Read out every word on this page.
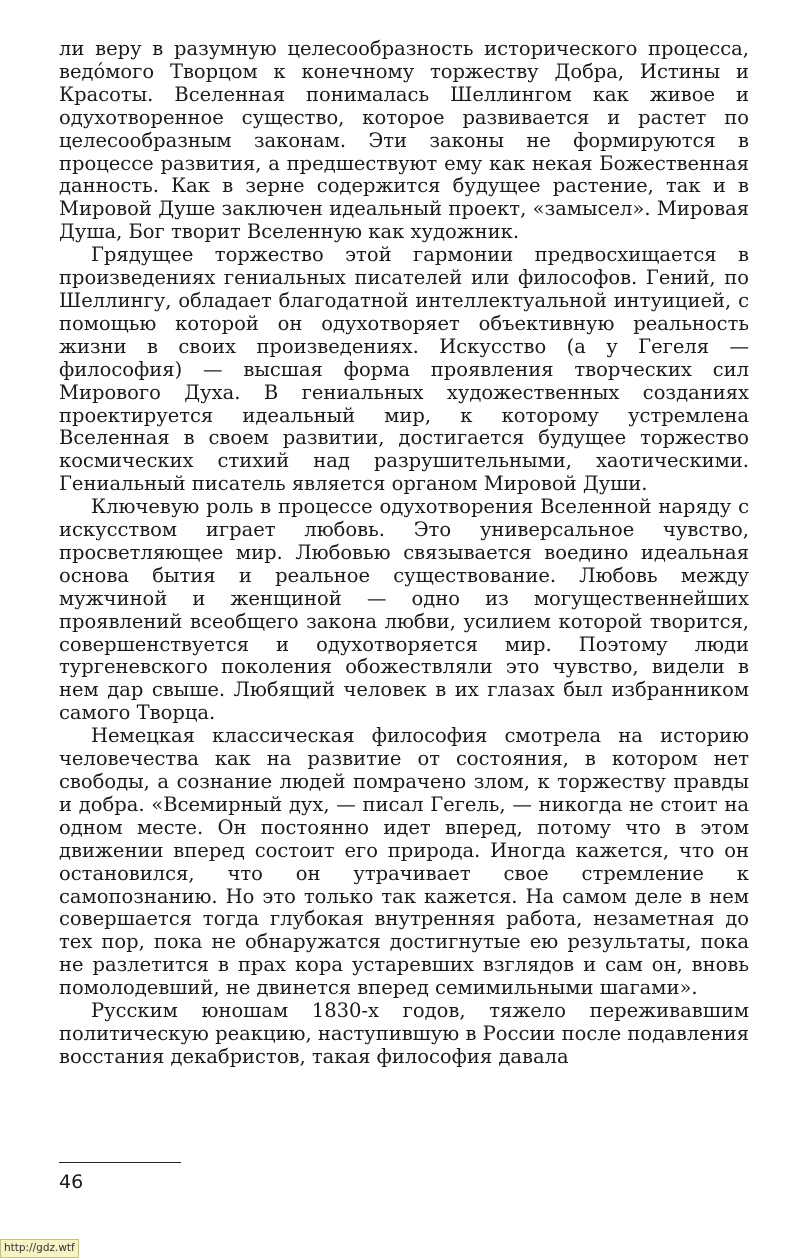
ли веру в разумную целесообразность исторического процесса, ведóмого Творцом к конечному торжеству Добра, Истины и Красоты. Вселенная понималась Шеллингом как живое и одухотворенное существо, которое развивается и растет по целесообразным законам. Эти законы не формируются в процессе развития, а предшествуют ему как некая Божественная данность. Как в зерне содержится будущее растение, так и в Мировой Душе заключен идеальный проект, «замысел». Мировая Душа, Бог творит Вселенную как художник.

Грядущее торжество этой гармонии предвосхищается в произведениях гениальных писателей или философов. Гений, по Шеллингу, обладает благодатной интеллектуальной интуицией, с помощью которой он одухотворяет объективную реальность жизни в своих произведениях. Искусство (а у Гегеля — философия) — высшая форма проявления творческих сил Мирового Духа. В гениальных художественных созданиях проектируется идеальный мир, к которому устремлена Вселенная в своем развитии, достигается будущее торжество космических стихий над разрушительными, хаотическими. Гениальный писатель является органом Мировой Души.

Ключевую роль в процессе одухотворения Вселенной наряду с искусством играет любовь. Это универсальное чувство, просветляющее мир. Любовью связывается воедино идеальная основа бытия и реальное существование. Любовь между мужчиной и женщиной — одно из могущественнейших проявлений всеобщего закона любви, усилием которой творится, совершенствуется и одухотворяется мир. Поэтому люди тургеневского поколения обожествляли это чувство, видели в нем дар свыше. Любящий человек в их глазах был избранником самого Творца.

Немецкая классическая философия смотрела на историю человечества как на развитие от состояния, в котором нет свободы, а сознание людей помрачено злом, к торжеству правды и добра. «Всемирный дух, — писал Гегель, — никогда не стоит на одном месте. Он постоянно идет вперед, потому что в этом движении вперед состоит его природа. Иногда кажется, что он остановился, что он утрачивает свое стремление к самопознанию. Но это только так кажется. На самом деле в нем совершается тогда глубокая внутренняя работа, незаметная до тех пор, пока не обнаружатся достигнутые ею результаты, пока не разлетится в прах кора устаревших взглядов и сам он, вновь помолодевший, не двинется вперед семимильными шагами».

Русским юношам 1830-х годов, тяжело переживавшим политическую реакцию, наступившую в России после подавления восстания декабристов, такая философия давала

46
http://gdz.wtf
